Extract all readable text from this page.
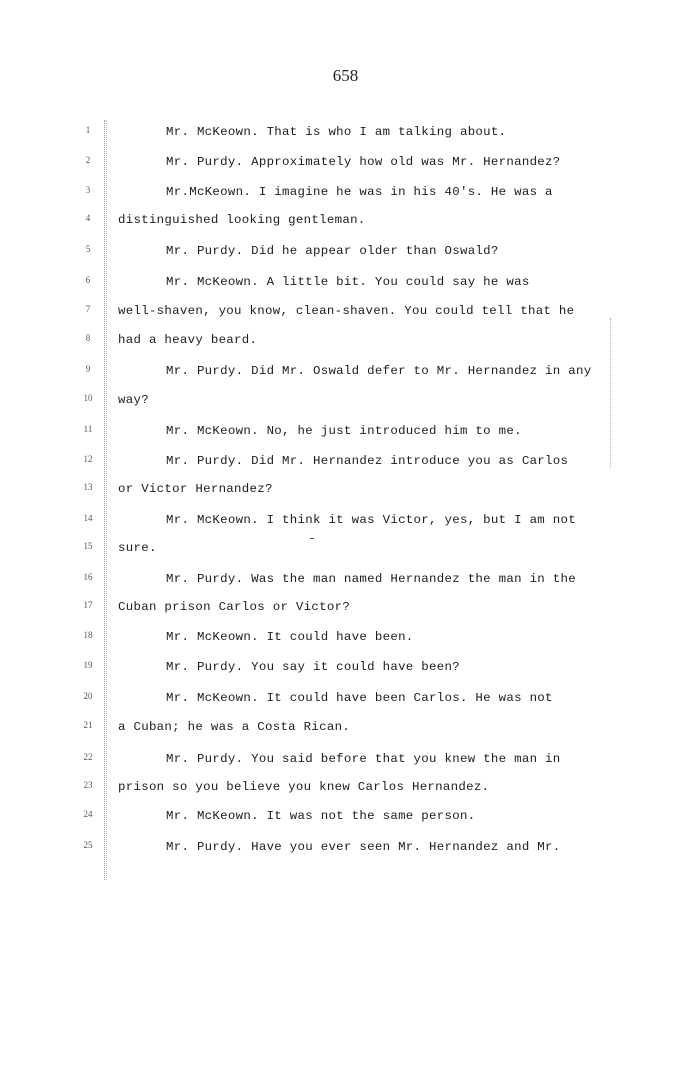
658
1	Mr. McKeown. That is who I am talking about.
2	Mr. Purdy. Approximately how old was Mr. Hernandez?
3	Mr.McKeown. I imagine he was in his 40's. He was a
4	distinguished looking gentleman.
5	Mr. Purdy. Did he appear older than Oswald?
6	Mr. McKeown. A little bit. You could say he was
7	well-shaven, you know, clean-shaven. You could tell that he
8	had a heavy beard.
9	Mr. Purdy. Did Mr. Oswald defer to Mr. Hernandez in any
10 way?
11	Mr. McKeown. No, he just introduced him to me.
12	Mr. Purdy. Did Mr. Hernandez introduce you as Carlos
13 or Victor Hernandez?
14	Mr. McKeown. I think it was Victor, yes, but I am not
15 sure.
16	Mr. Purdy. Was the man named Hernandez the man in the
17 Cuban prison Carlos or Victor?
18	Mr. McKeown. It could have been.
19	Mr. Purdy. You say it could have been?
20	Mr. McKeown. It could have been Carlos. He was not
21 a Cuban; he was a Costa Rican.
22	Mr. Purdy. You said before that you knew the man in
23 prison so you believe you knew Carlos Hernandez.
24	Mr. McKeown. It was not the same person.
25	Mr. Purdy. Have you ever seen Mr. Hernandez and Mr.
